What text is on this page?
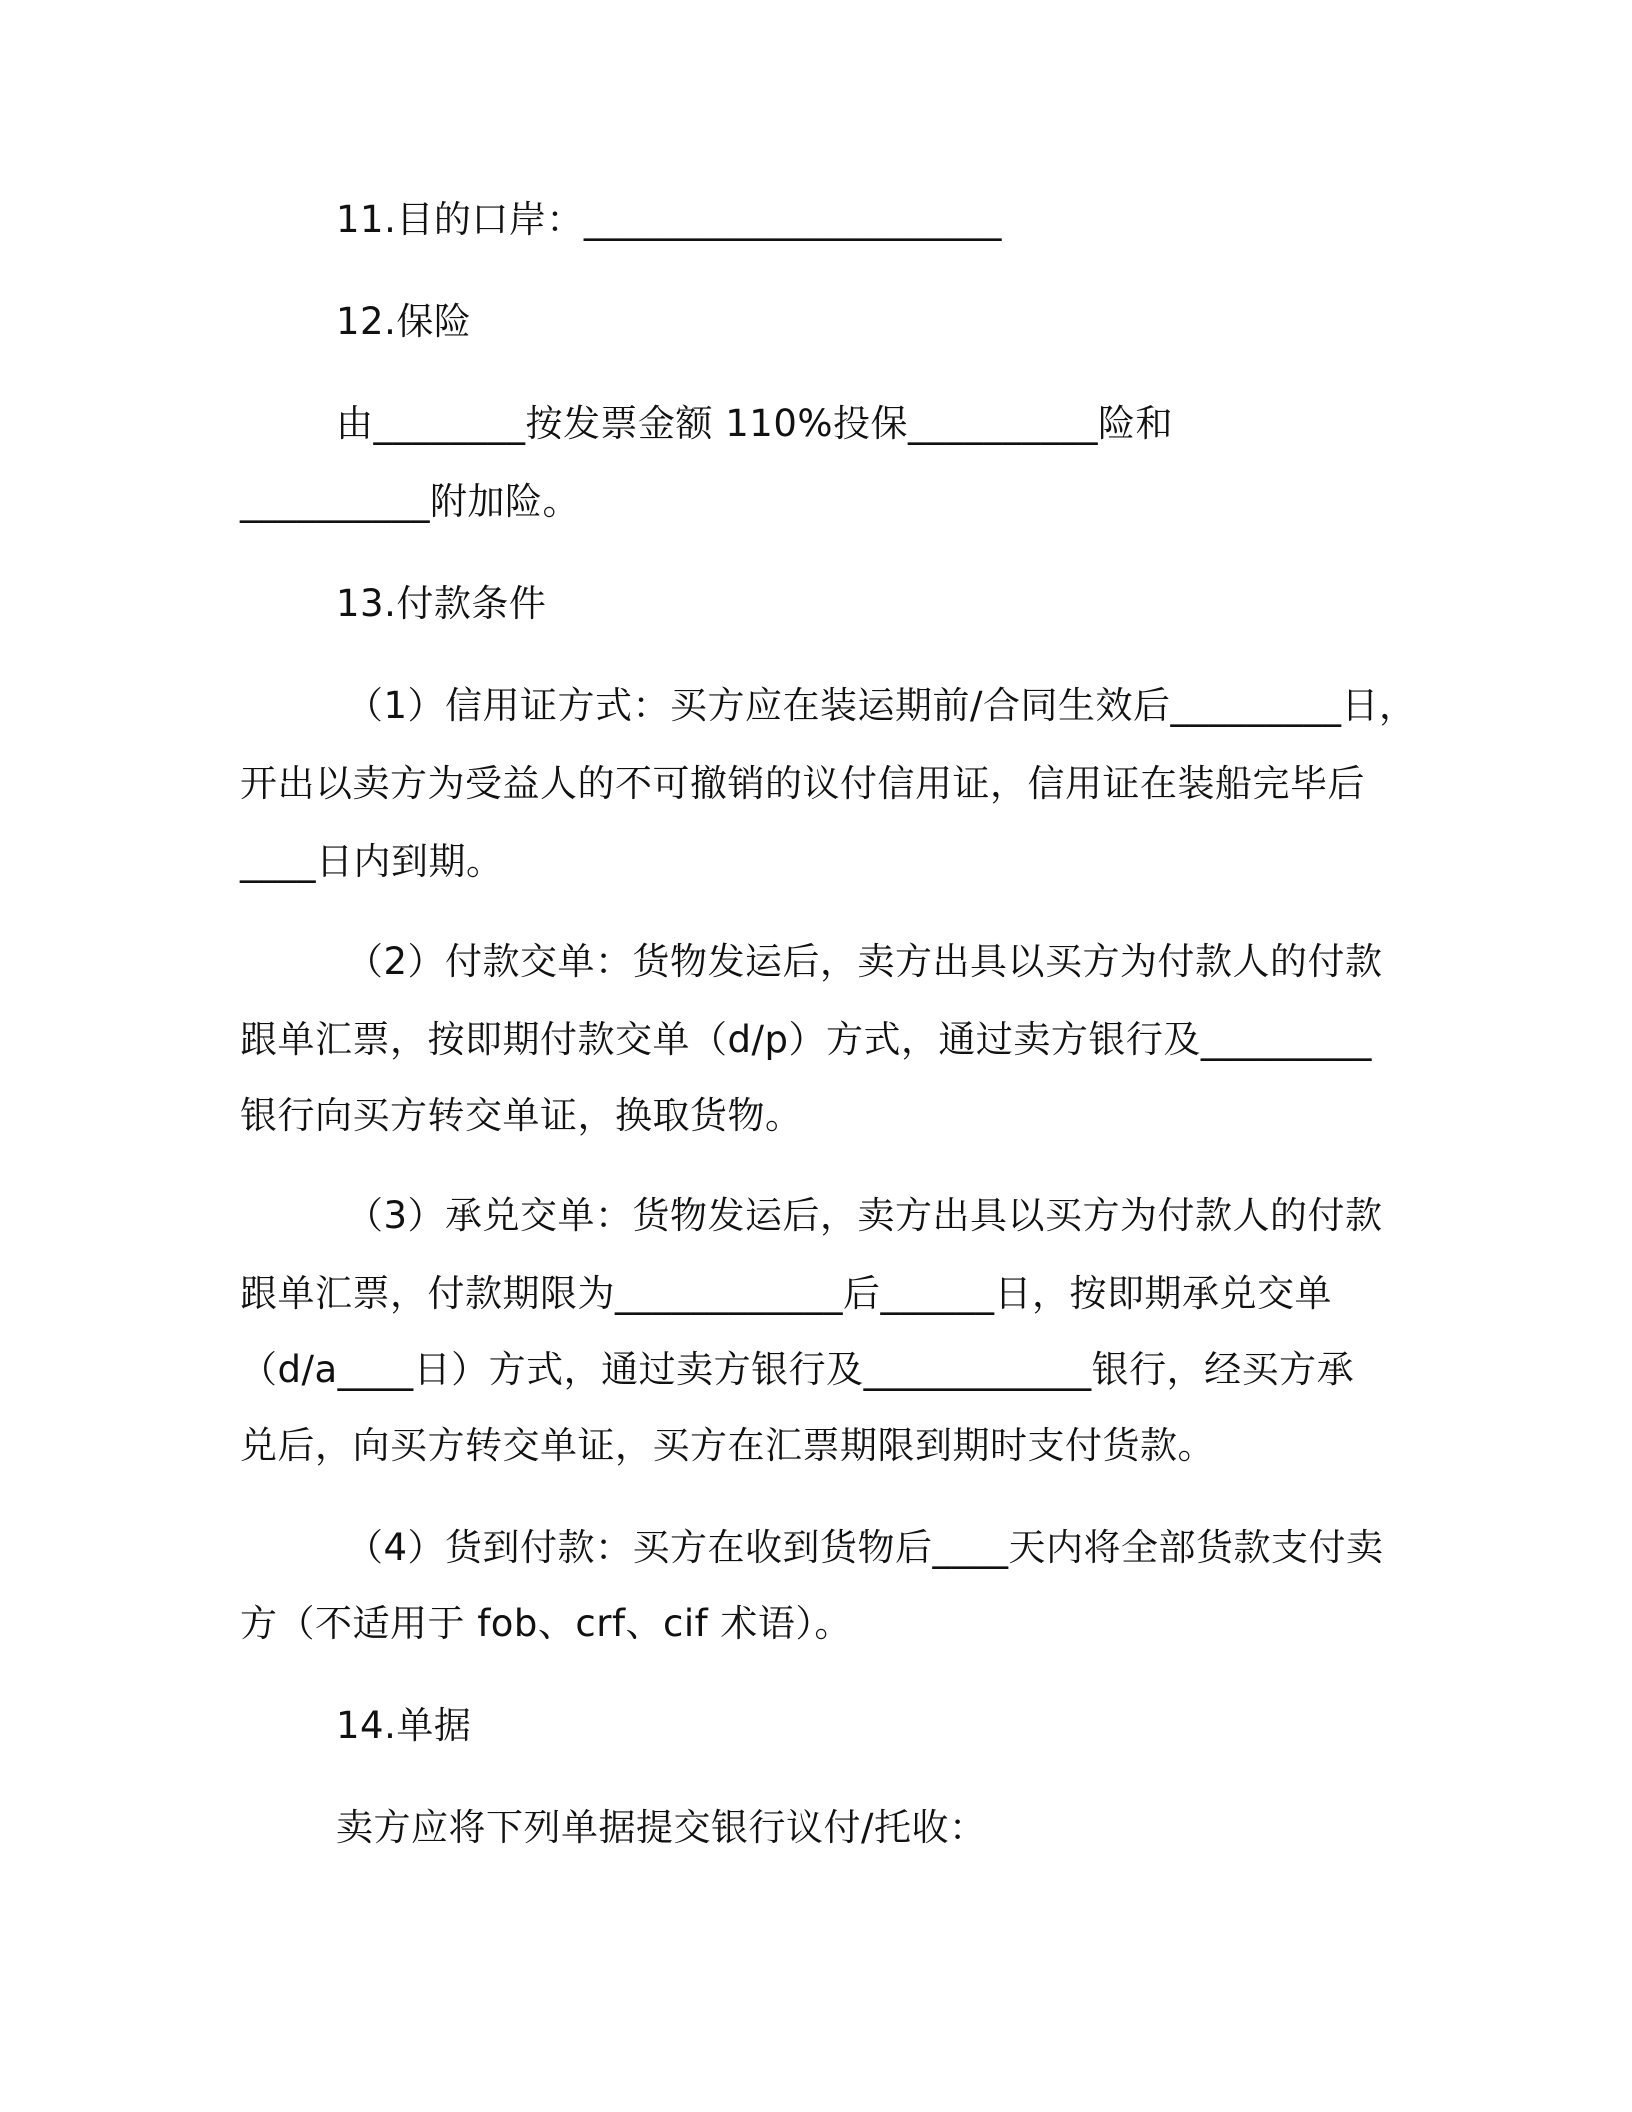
11.目的口岸：______________________
12.保险
由________按发票金额 110%投保__________险和
__________附加险。
13.付款条件
（1）信用证方式：买方应在装运期前/合同生效后_________日，
开出以卖方为受益人的不可撤销的议付信用证，信用证在装船完毕后
____日内到期。
（2）付款交单：货物发运后，卖方出具以买方为付款人的付款
跟单汇票，按即期付款交单（d/p）方式，通过卖方银行及_________
银行向买方转交单证，换取货物。
（3）承兑交单：货物发运后，卖方出具以买方为付款人的付款
跟单汇票，付款期限为____________后______日，按即期承兑交单
（d/a____日）方式，通过卖方银行及____________银行，经买方承
兑后，向买方转交单证，买方在汇票期限到期时支付货款。
（4）货到付款：买方在收到货物后____天内将全部货款支付卖
方（不适用于 fob、crf、cif 术语）。
14.单据
卖方应将下列单据提交银行议付/托收：
